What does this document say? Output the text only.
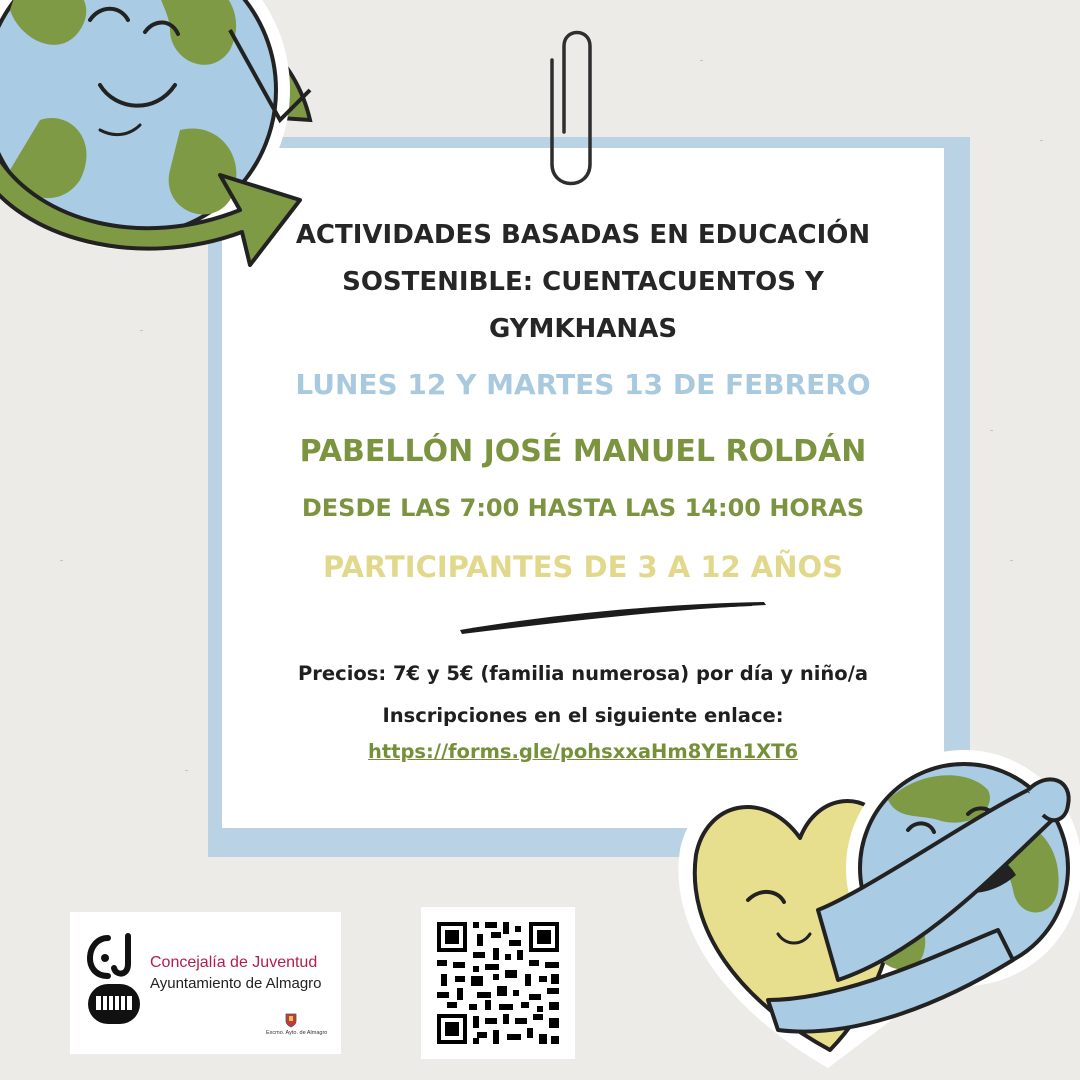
ACTIVIDADES BASADAS EN EDUCACIÓN SOSTENIBLE: CUENTACUENTOS Y GYMKHANAS
LUNES 12 Y MARTES 13 DE FEBRERO
PABELLÓN JOSÉ MANUEL ROLDÁN
DESDE LAS 7:00 HASTA LAS 14:00 HORAS
PARTICIPANTES DE 3 A 12 AÑOS
Precios: 7€ y 5€ (familia numerosa) por día y niño/a
Inscripciones en el siguiente enlace:
https://forms.gle/pohsxxaHm8YEn1XT6
Concejalía de Juventud
Ayuntamiento de Almagro
Excmo. Ayto. de Almagro
